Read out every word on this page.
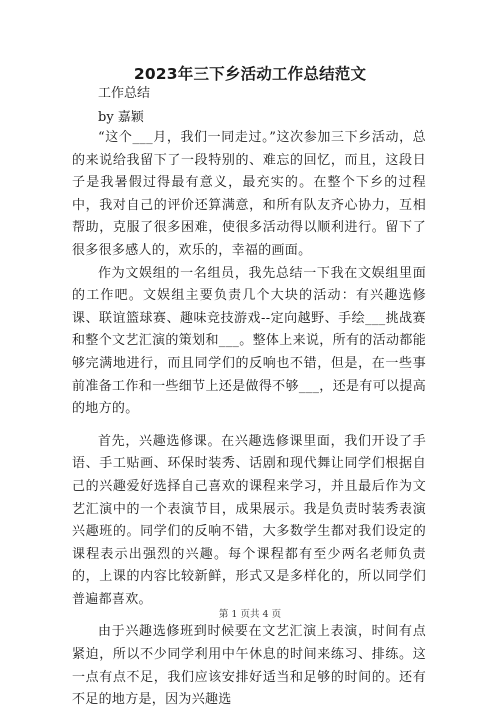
2023年三下乡活动工作总结范文
工作总结
by 嘉颖

“这个___月，我们一同走过。”这次参加三下乡活动，总的来说给我留下了一段特别的、难忘的回忆，而且，这段日子是我暑假过得最有意义，最充实的。在整个下乡的过程中，我对自己的评价还算满意，和所有队友齐心协力，互相帮助，克服了很多困难，使很多活动得以顺利进行。留下了很多很多感人的，欢乐的，幸福的画面。

作为文娱组的一名组员，我先总结一下我在文娱组里面的工作吧。文娱组主要负责几个大块的活动：有兴趣选修课、联谊篮球赛、趣味竞技游戏--定向越野、手绘___挑战赛和整个文艺汇演的策划和___。整体上来说，所有的活动都能够完满地进行，而且同学们的反响也不错，但是，在一些事前准备工作和一些细节上还是做得不够___，还是有可以提高的地方的。

首先，兴趣选修课。在兴趣选修课里面，我们开设了手语、手工贴画、环保时装秀、话剧和现代舞让同学们根据自己的兴趣爱好选择自己喜欢的课程来学习，并且最后作为文艺汇演中的一个表演节目，成果展示。我是负责时装秀表演兴趣班的。同学们的反响不错，大多数学生都对我们设定的课程表示出强烈的兴趣。每个课程都有至少两名老师负责的，上课的内容比较新鲜，形式又是多样化的，所以同学们普遍都喜欢。

由于兴趣选修班到时候要在文艺汇演上表演，时间有点紧迫，所以不少同学利用中午休息的时间来练习、排练。这一点有点不足，我们应该安排好适当和足够的时间的。还有不足的地方是，因为兴趣选

第 1 页共 4 页
